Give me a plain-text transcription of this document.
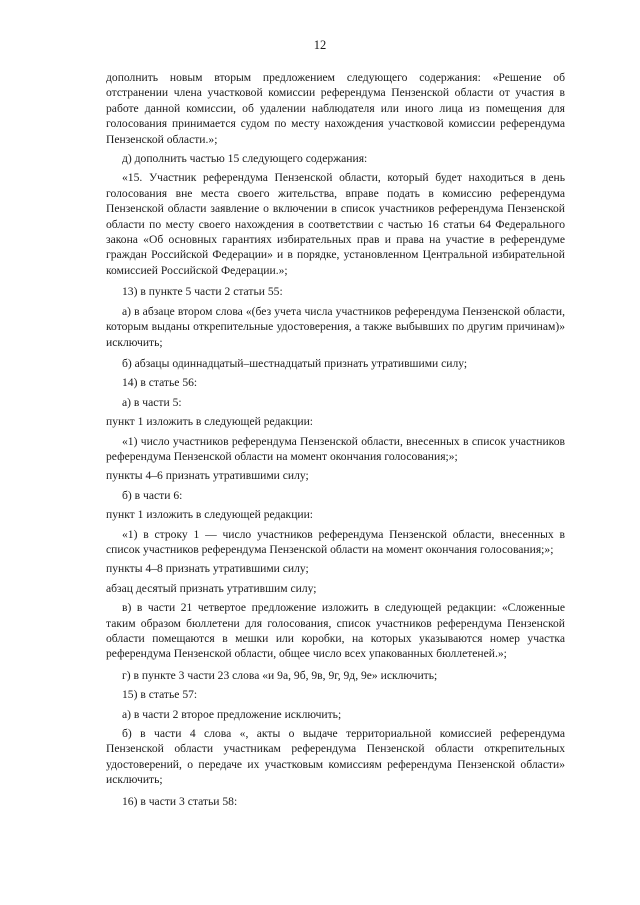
12

дополнить новым вторым предложением следующего содержания: «Решение об отстранении члена участковой комиссии референдума Пензенской области от участия в работе данной комиссии, об удалении наблюдателя или иного лица из помещения для голосования принимается судом по месту нахождения участковой комиссии референдума Пензенской области.»;

д) дополнить частью 15 следующего содержания:

«15. Участник референдума Пензенской области, который будет находиться в день голосования вне места своего жительства, вправе подать в комиссию референдума Пензенской области заявление о включении в список участников референдума Пензенской области по месту своего нахождения в соответствии с частью 16 статьи 64 Федерального закона «Об основных гарантиях избирательных прав и права на участие в референдуме граждан Российской Федерации» и в порядке, установленном Центральной избирательной комиссией Российской Федерации.»;

13) в пункте 5 части 2 статьи 55:

а) в абзаце втором слова «(без учета числа участников референдума Пензенской области, которым выданы открепительные удостоверения, а также выбывших по другим причинам)» исключить;

б) абзацы одиннадцатый–шестнадцатый признать утратившими силу;

14) в статье 56:

а) в части 5:

пункт 1 изложить в следующей редакции:

«1) число участников референдума Пензенской области, внесенных в список участников референдума Пензенской области на момент окончания голосования;»;

пункты 4–6 признать утратившими силу;

б) в части 6:

пункт 1 изложить в следующей редакции:

«1) в строку 1 — число участников референдума Пензенской области, внесенных в список участников референдума Пензенской области на момент окончания голосования;»;

пункты 4–8 признать утратившими силу;

абзац десятый признать утратившим силу;

в) в части 21 четвертое предложение изложить в следующей редакции: «Сложенные таким образом бюллетени для голосования, список участников референдума Пензенской области помещаются в мешки или коробки, на которых указываются номер участка референдума Пензенской области, общее число всех упакованных бюллетеней.»;

г) в пункте 3 части 23 слова «и 9а, 9б, 9в, 9г, 9д, 9е» исключить;

15) в статье 57:

а) в части 2 второе предложение исключить;

б) в части 4 слова «, акты о выдаче территориальной комиссией референдума Пензенской области участникам референдума Пензенской области открепительных удостоверений, о передаче их участковым комиссиям референдума Пензенской области» исключить;

16) в части 3 статьи 58:
